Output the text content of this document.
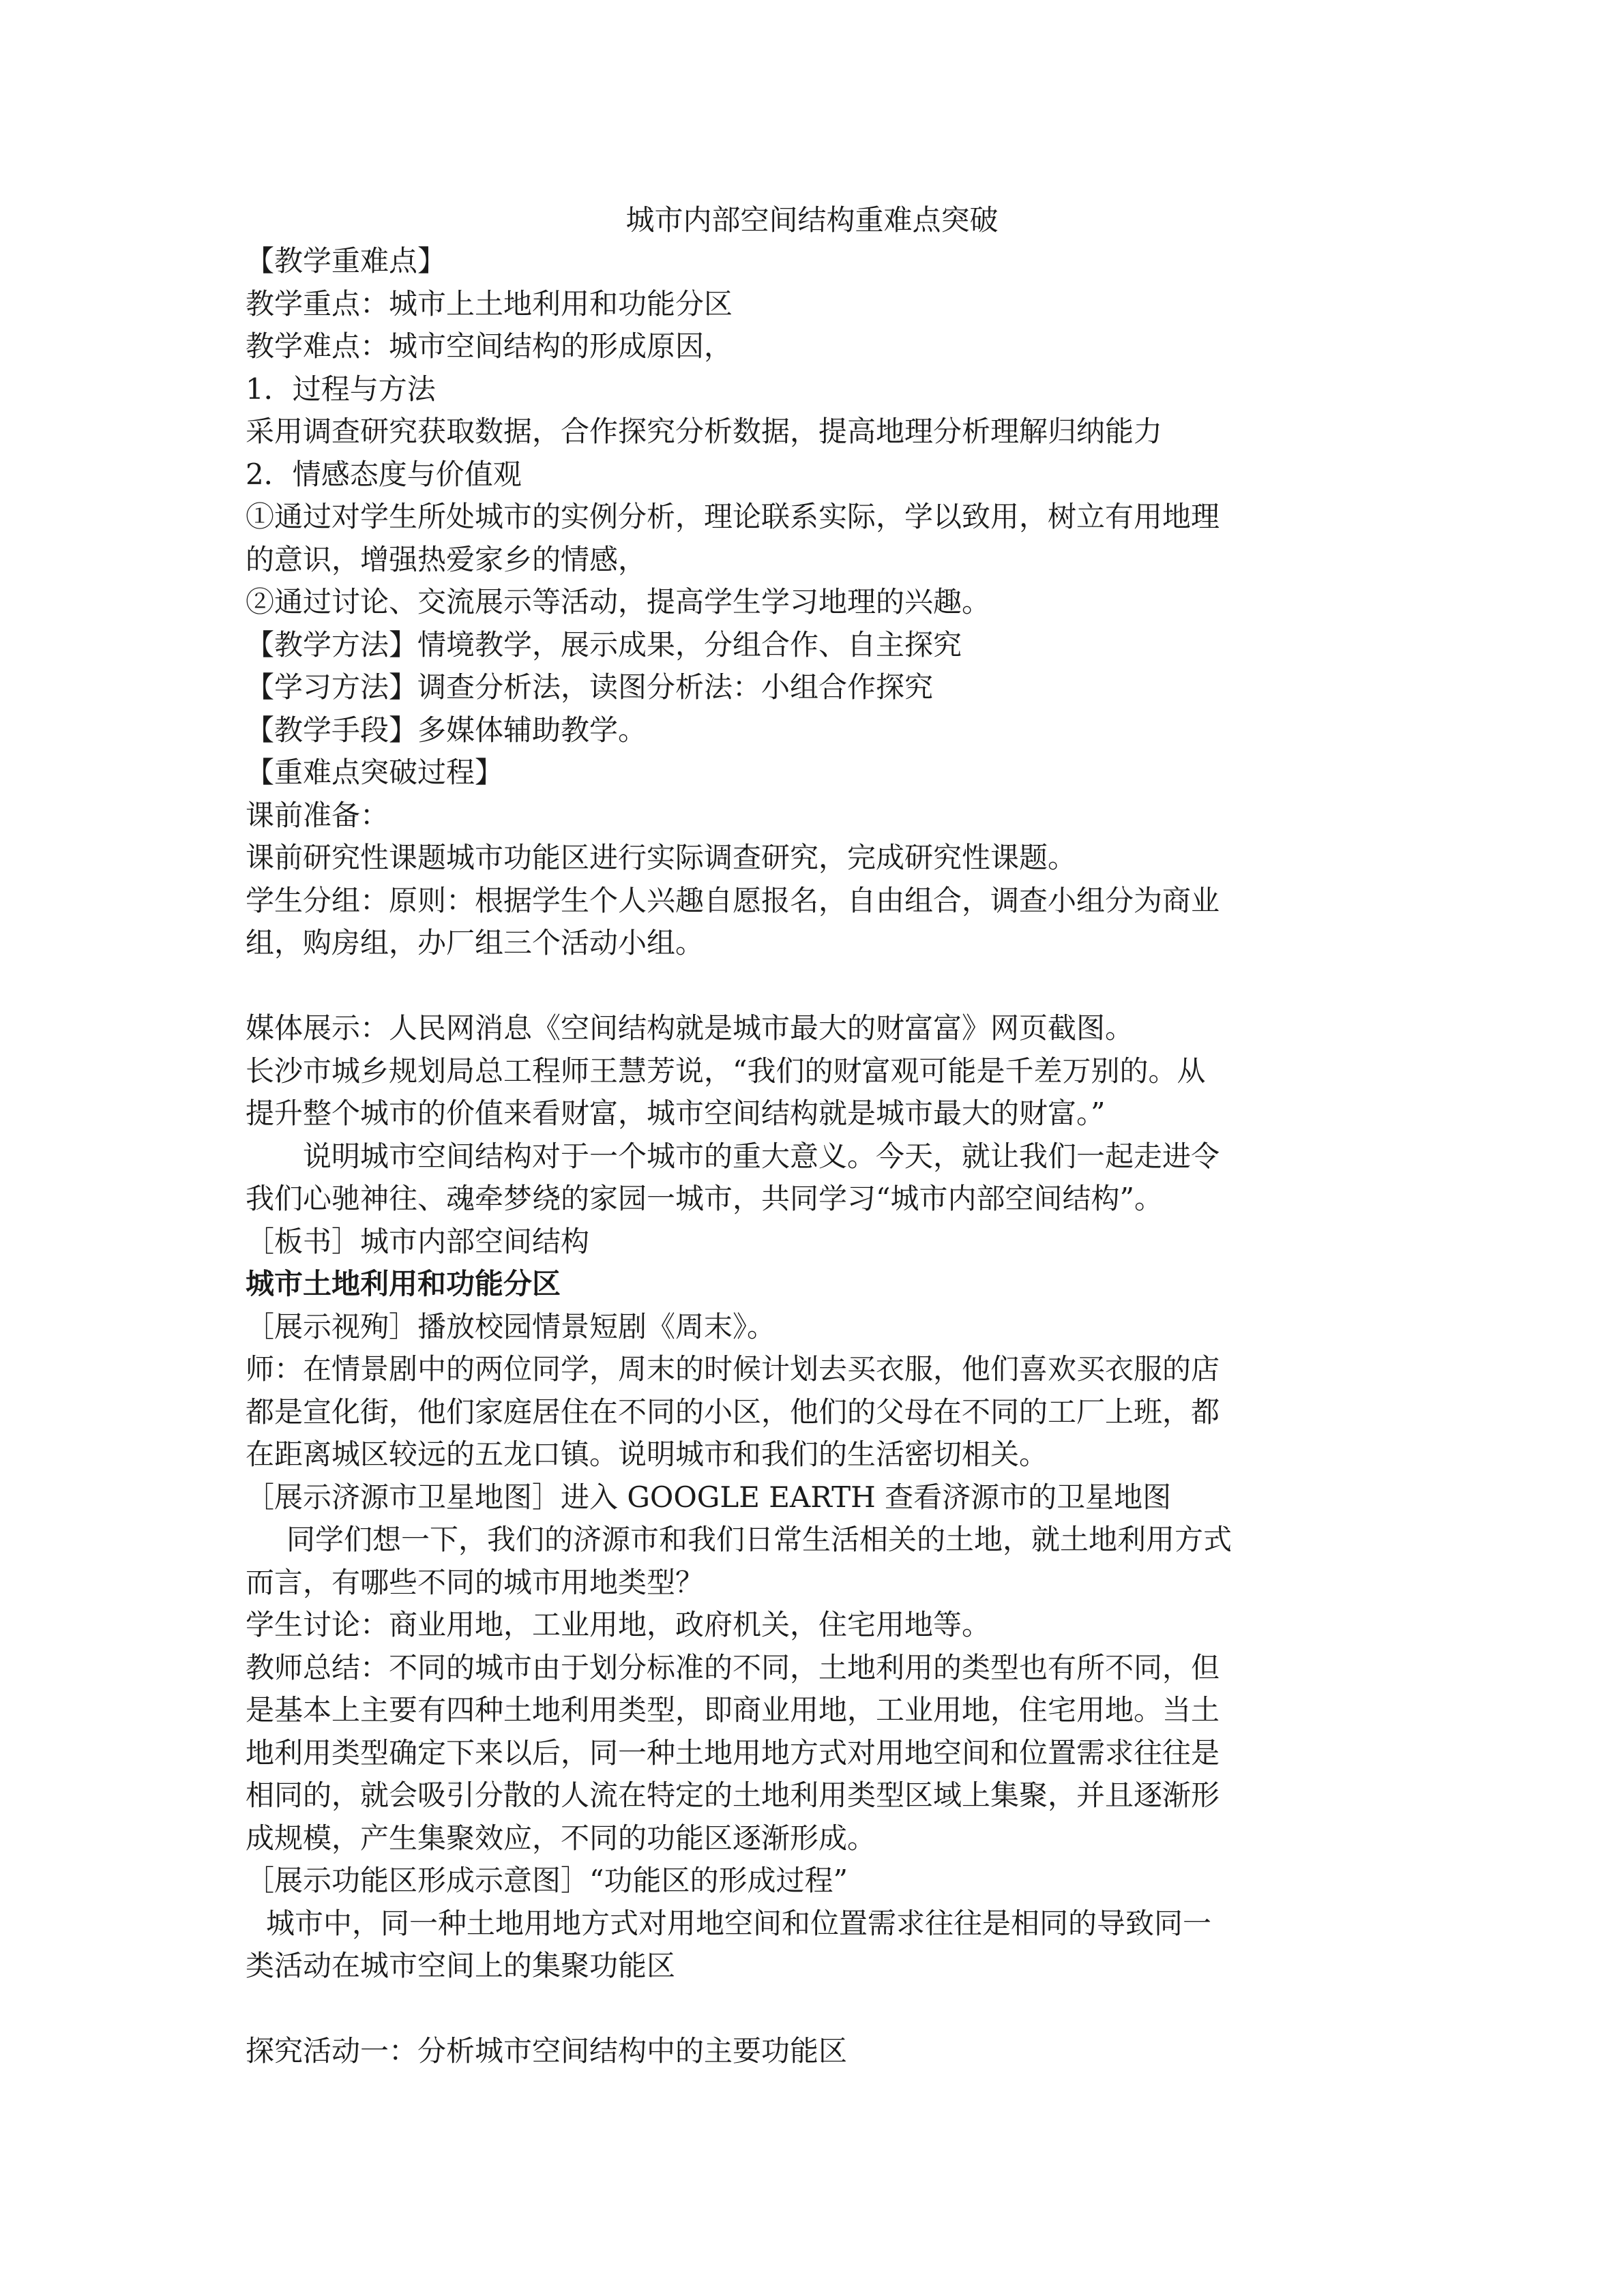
城市内部空间结构重难点突破

【教学重难点】

教学重点：城市上土地利用和功能分区

教学难点：城市空间结构的形成原因，

1．过程与方法

采用调查研究获取数据，合作探究分析数据，提高地理分析理解归纳能力

2．情感态度与价值观

①通过对学生所处城市的实例分析，理论联系实际，学以致用，树立有用地理

的意识，增强热爱家乡的情感，

②通过讨论、交流展示等活动，提高学生学习地理的兴趣。

【教学方法】情境教学，展示成果，分组合作、自主探究

【学习方法】调查分析法，读图分析法：小组合作探究

【教学手段】多媒体辅助教学。

【重难点突破过程】

课前准备：

课前研究性课题城市功能区进行实际调查研究，完成研究性课题。

学生分组：原则：根据学生个人兴趣自愿报名，自由组合，调查小组分为商业

组，购房组，办厂组三个活动小组。

媒体展示：人民网消息《空间结构就是城市最大的财富富》网页截图。

长沙市城乡规划局总工程师王慧芳说，“我们的财富观可能是千差万别的。从

提升整个城市的价值来看财富，城市空间结构就是城市最大的财富。”

说明城市空间结构对于一个城市的重大意义。今天，就让我们一起走进令

我们心驰神往、魂牵梦绕的家园一城市，共同学习“城市内部空间结构”。

［板书］城市内部空间结构

城市土地利用和功能分区

［展示视殉］播放校园情景短剧《周末》。

师：在情景剧中的两位同学，周末的时候计划去买衣服，他们喜欢买衣服的店

都是宣化街，他们家庭居住在不同的小区，他们的父母在不同的工厂上班，都

在距离城区较远的五龙口镇。说明城市和我们的生活密切相关。

［展示济源市卫星地图］进入 GOOGLE EARTH 查看济源市的卫星地图

同学们想一下，我们的济源市和我们日常生活相关的土地，就土地利用方式

而言，有哪些不同的城市用地类型？

学生讨论：商业用地，工业用地，政府机关，住宅用地等。

教师总结：不同的城市由于划分标准的不同，土地利用的类型也有所不同，但

是基本上主要有四种土地利用类型，即商业用地，工业用地，住宅用地。当土

地利用类型确定下来以后，同一种土地用地方式对用地空间和位置需求往往是

相同的，就会吸引分散的人流在特定的土地利用类型区域上集聚，并且逐渐形

成规模，产生集聚效应，不同的功能区逐渐形成。

［展示功能区形成示意图］“功能区的形成过程”

城市中，同一种土地用地方式对用地空间和位置需求往往是相同的导致同一

类活动在城市空间上的集聚功能区

探究活动一：分析城市空间结构中的主要功能区
